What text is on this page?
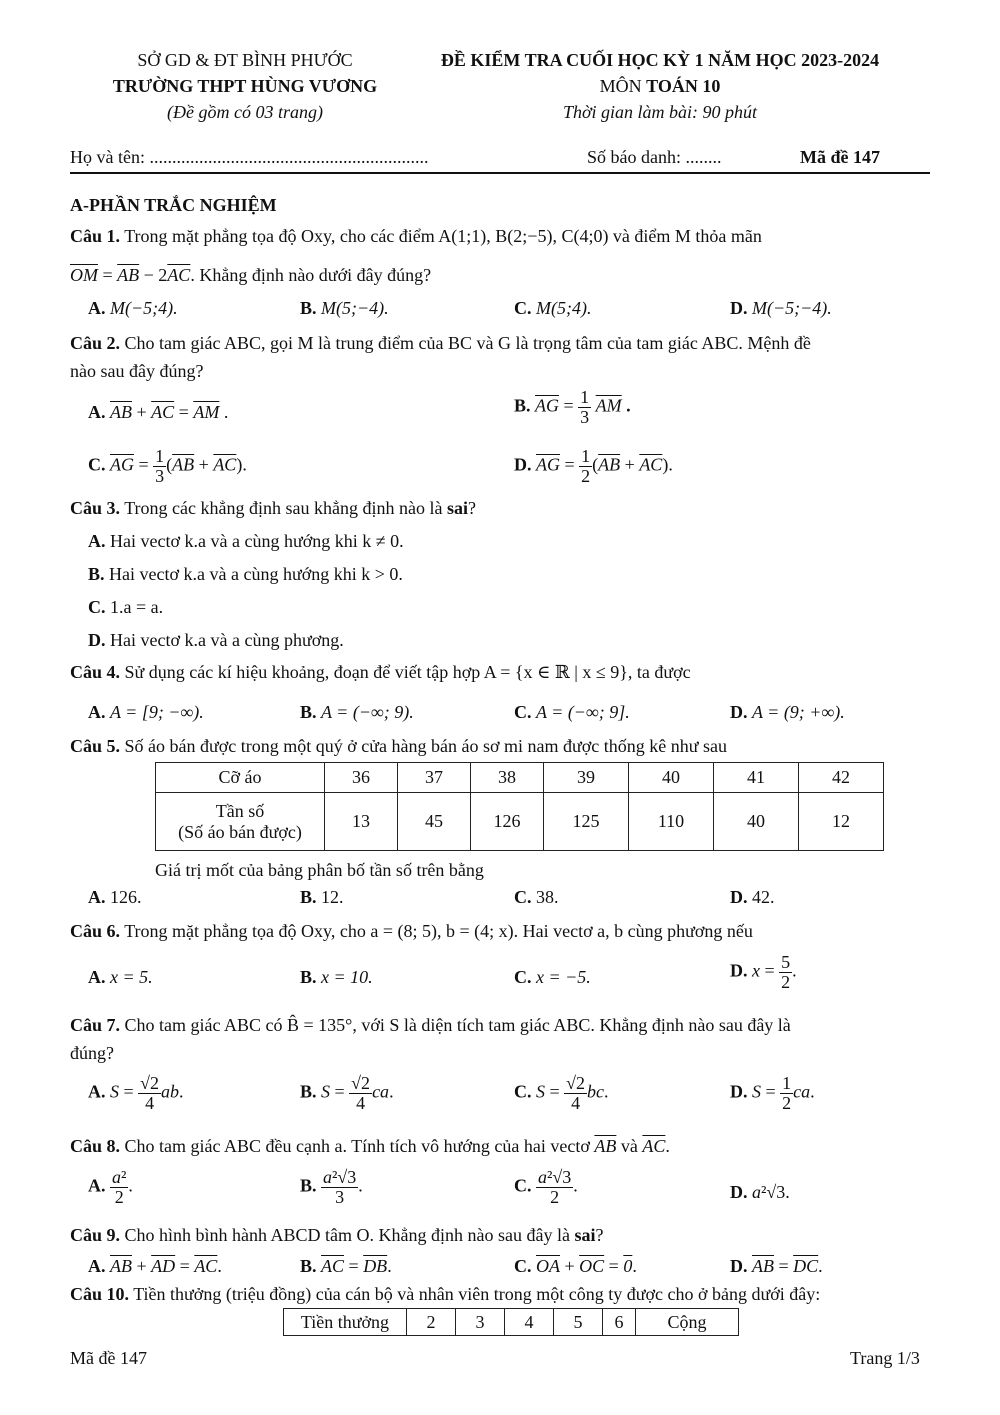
SỞ GD & ĐT BÌNH PHƯỚC
TRƯỜNG THPT HÙNG VƯƠNG
(Đề gồm có 03 trang)
ĐỀ KIỂM TRA CUỐI HỌC KỲ 1 NĂM HỌC 2023-2024
MÔN TOÁN 10
Thời gian làm bài: 90 phút
Họ và tên: ..............................................................	Số báo danh: ........	Mã đề 147
A-PHẦN TRẮC NGHIỆM
Câu 1. Trong mặt phẳng tọa độ Oxy, cho các điểm A(1;1), B(2;−5), C(4;0) và điểm M thỏa mãn
$\overline{OM} = \overline{AB} - 2\overline{AC}$. Khẳng định nào dưới đây đúng?
A. M(−5;4).	B. M(5;−4).	C. M(5;4).	D. M(−5;−4).
Câu 2. Cho tam giác ABC, gọi M là trung điểm của BC và G là trọng tâm của tam giác ABC. Mệnh đề
nào sau đây đúng?
A. $\overline{AB} + \overline{AC} = \overline{AM}$ .	B. $\overline{AG} = \frac{1}{3} \overline{AM}$ .
C. $\overline{AG} = \frac{1}{3} (\overline{AB} + \overline{AC})$.	D. $\overline{AG} = \frac{1}{2} (\overline{AB} + \overline{AC})$.
Câu 3. Trong các khẳng định sau khẳng định nào là sai?
A. Hai vectơ k.a và a cùng hướng khi k ≠ 0.
B. Hai vectơ k.a và a cùng hướng khi k > 0.
C. 1.a = a.
D. Hai vectơ k.a và a cùng phương.
Câu 4. Sử dụng các kí hiệu khoảng, đoạn để viết tập hợp A = {x ∈ ℝ | x ≤ 9}, ta được
A. A = [9; −∞).	B. A = (−∞; 9).	C. A = (−∞; 9].	D. A = (9; +∞).
Câu 5. Số áo bán được trong một quý ở cửa hàng bán áo sơ mi nam được thống kê như sau
Cỡ áo	36	37	38	39	40	41	42

Tần số
(Số áo bán được)	13	45	126	125	110	40	12
Giá trị mốt của bảng phân bố tần số trên bằng
A. 126.	B. 12.	C. 38.	D. 42.
Câu 6. Trong mặt phẳng tọa độ Oxy, cho a = (8; 5), b = (4; x). Hai vectơ a, b cùng phương nếu
A. x = 5.	B. x = 10.	C. x = −5.	D. $x = \frac{5}{2}$ .
Câu 7. Cho tam giác ABC có B̂ = 135°, với S là diện tích tam giác ABC. Khẳng định nào sau đây là
đúng?
A. $S = \frac{√2}{4}$ ab.	B. $S = \frac{√2}{4}$ ca.	C. $S = \frac{√2}{4}$ bc.	D. $S = \frac{1}{2}$ ca.
Câu 8. Cho tam giác ABC đều cạnh a. Tính tích vô hướng của hai vectơ $\overline{AB}$ và $\overline{AC}$.
A. $\frac{\text{a²}}{2}$ .	B. $\frac{\text{a²√3}}{3}$ .	C. $\frac{\text{a²√3}}{2}$ .	D. a²√3.
Câu 9. Cho hình bình hành ABCD tâm O. Khẳng định nào sau đây là sai?
A. $\overline{AB} + \overline{AD} = \overline{AC}$.	B. $\overline{AC} = \overline{DB}$.	C. $\overline{OA} + \overline{OC} = 0$.	D. $\overline{AB} = \overline{DC}$.
Câu 10. Tiền thưởng (triệu đồng) của cán bộ và nhân viên trong một công ty được cho ở bảng dưới đây:
Tiền thưởng	2	3	4	5	6	Cộng
Mã đề 147	Trang 1/3
